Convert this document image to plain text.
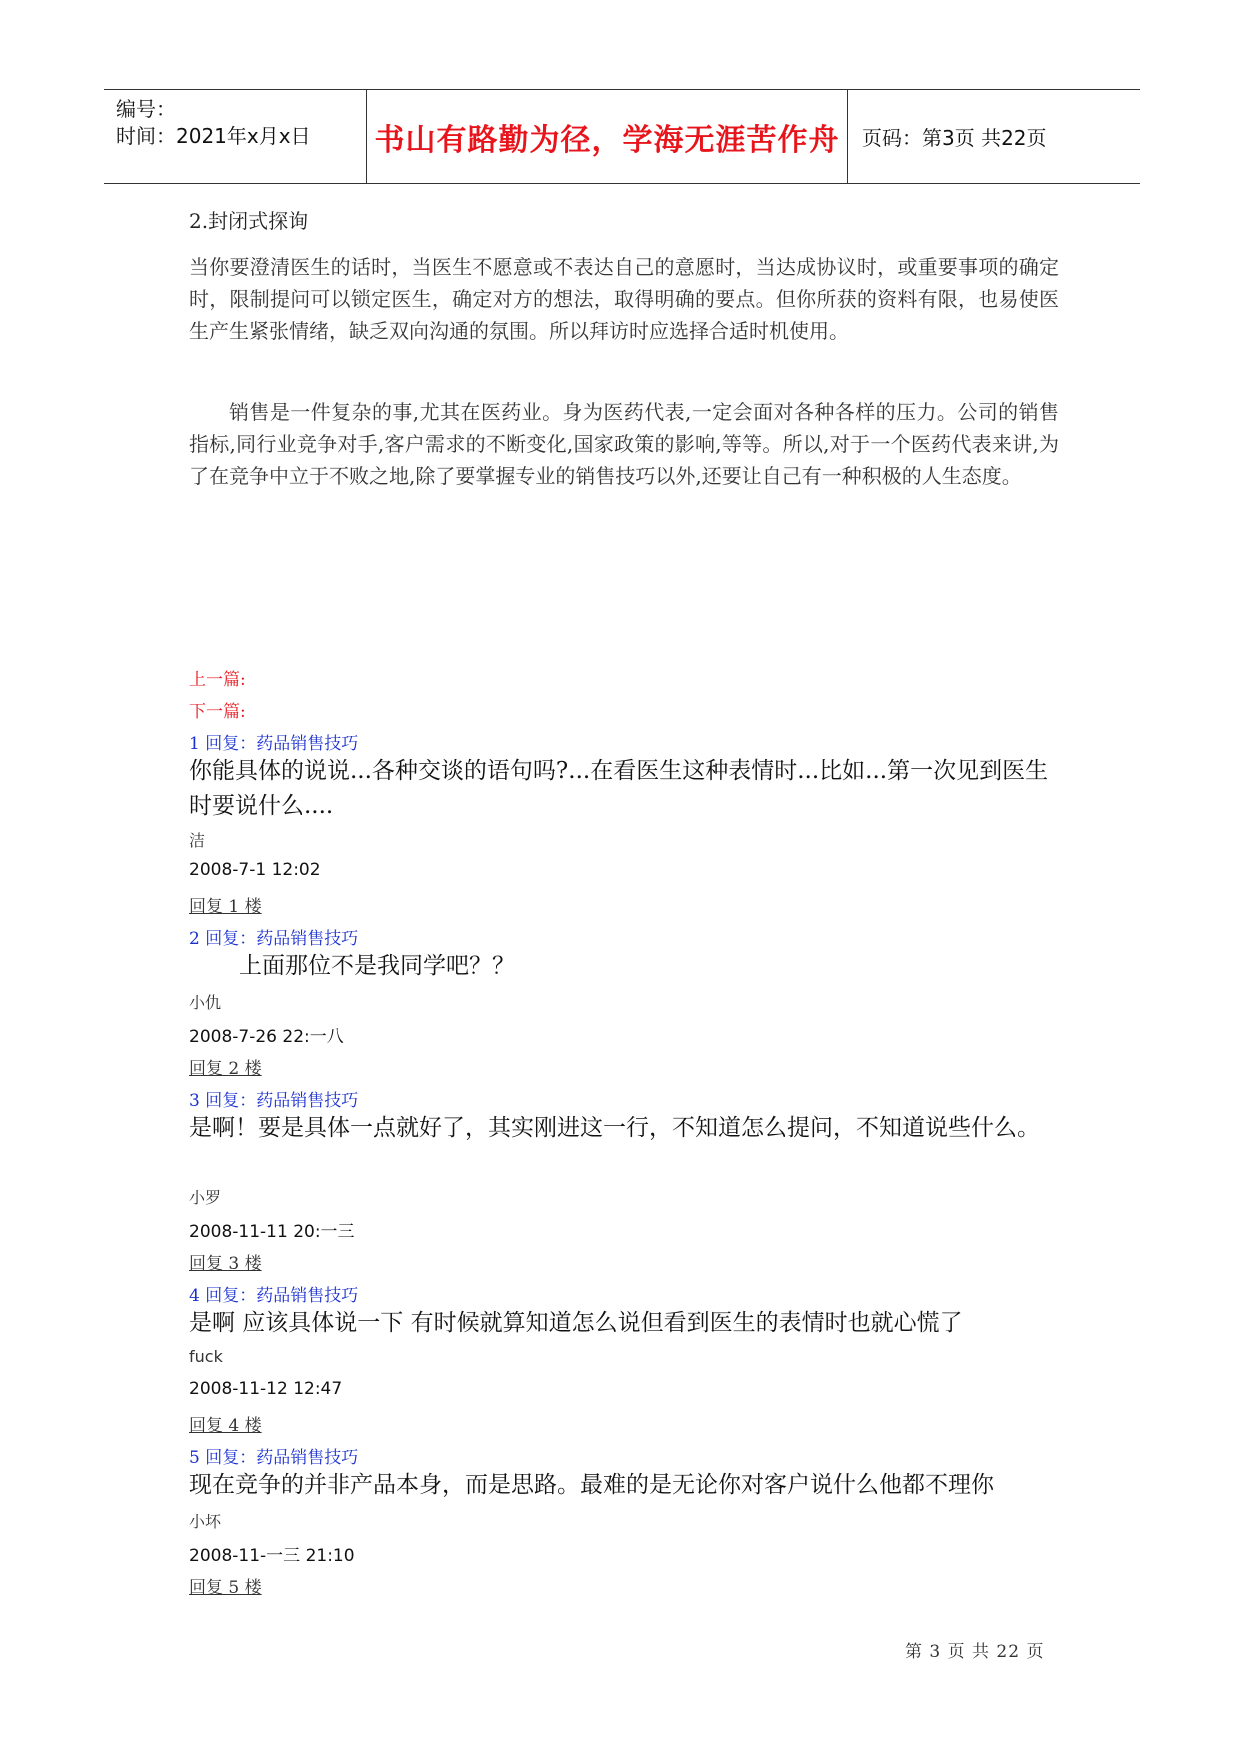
编号：
时间：2021年x月x日 书山有路勤为径，学海无涯苦作舟 页码：第3页 共22页
2.封闭式探询
当你要澄清医生的话时，当医生不愿意或不表达自己的意愿时，当达成协议时，或重要事项的确定时，限制提问可以锁定医生，确定对方的想法，取得明确的要点。但你所获的资料有限，也易使医生产生紧张情绪，缺乏双向沟通的氛围。所以拜访时应选择合适时机使用。
销售是一件复杂的事,尤其在医药业。身为医药代表,一定会面对各种各样的压力。公司的销售指标,同行业竞争对手,客户需求的不断变化,国家政策的影响,等等。所以,对于一个医药代表来讲,为了在竞争中立于不败之地,除了要掌握专业的销售技巧以外,还要让自己有一种积极的人生态度。
上一篇:
下一篇:
1 回复：药品销售技巧
你能具体的说说...各种交谈的语句吗?...在看医生这种表情时...比如...第一次见到医生时要说什么....
洁
2008-7-1 12:02
回复 1 楼
2 回复：药品销售技巧
上面那位不是我同学吧？？
小仇
2008-7-26 22:一八
回复 2 楼
3 回复：药品销售技巧
是啊！要是具体一点就好了，其实刚进这一行，不知道怎么提问，不知道说些什么。
小罗
2008-11-11 20:一三
回复 3 楼
4 回复：药品销售技巧
是啊 应该具体说一下 有时候就算知道怎么说但看到医生的表情时也就心慌了
fuck
2008-11-12 12:47
回复 4 楼
5 回复：药品销售技巧
现在竞争的并非产品本身，而是思路。最难的是无论你对客户说什么他都不理你
小坏
2008-11-一三 21:10
回复 5 楼
第 3 页 共 22 页
